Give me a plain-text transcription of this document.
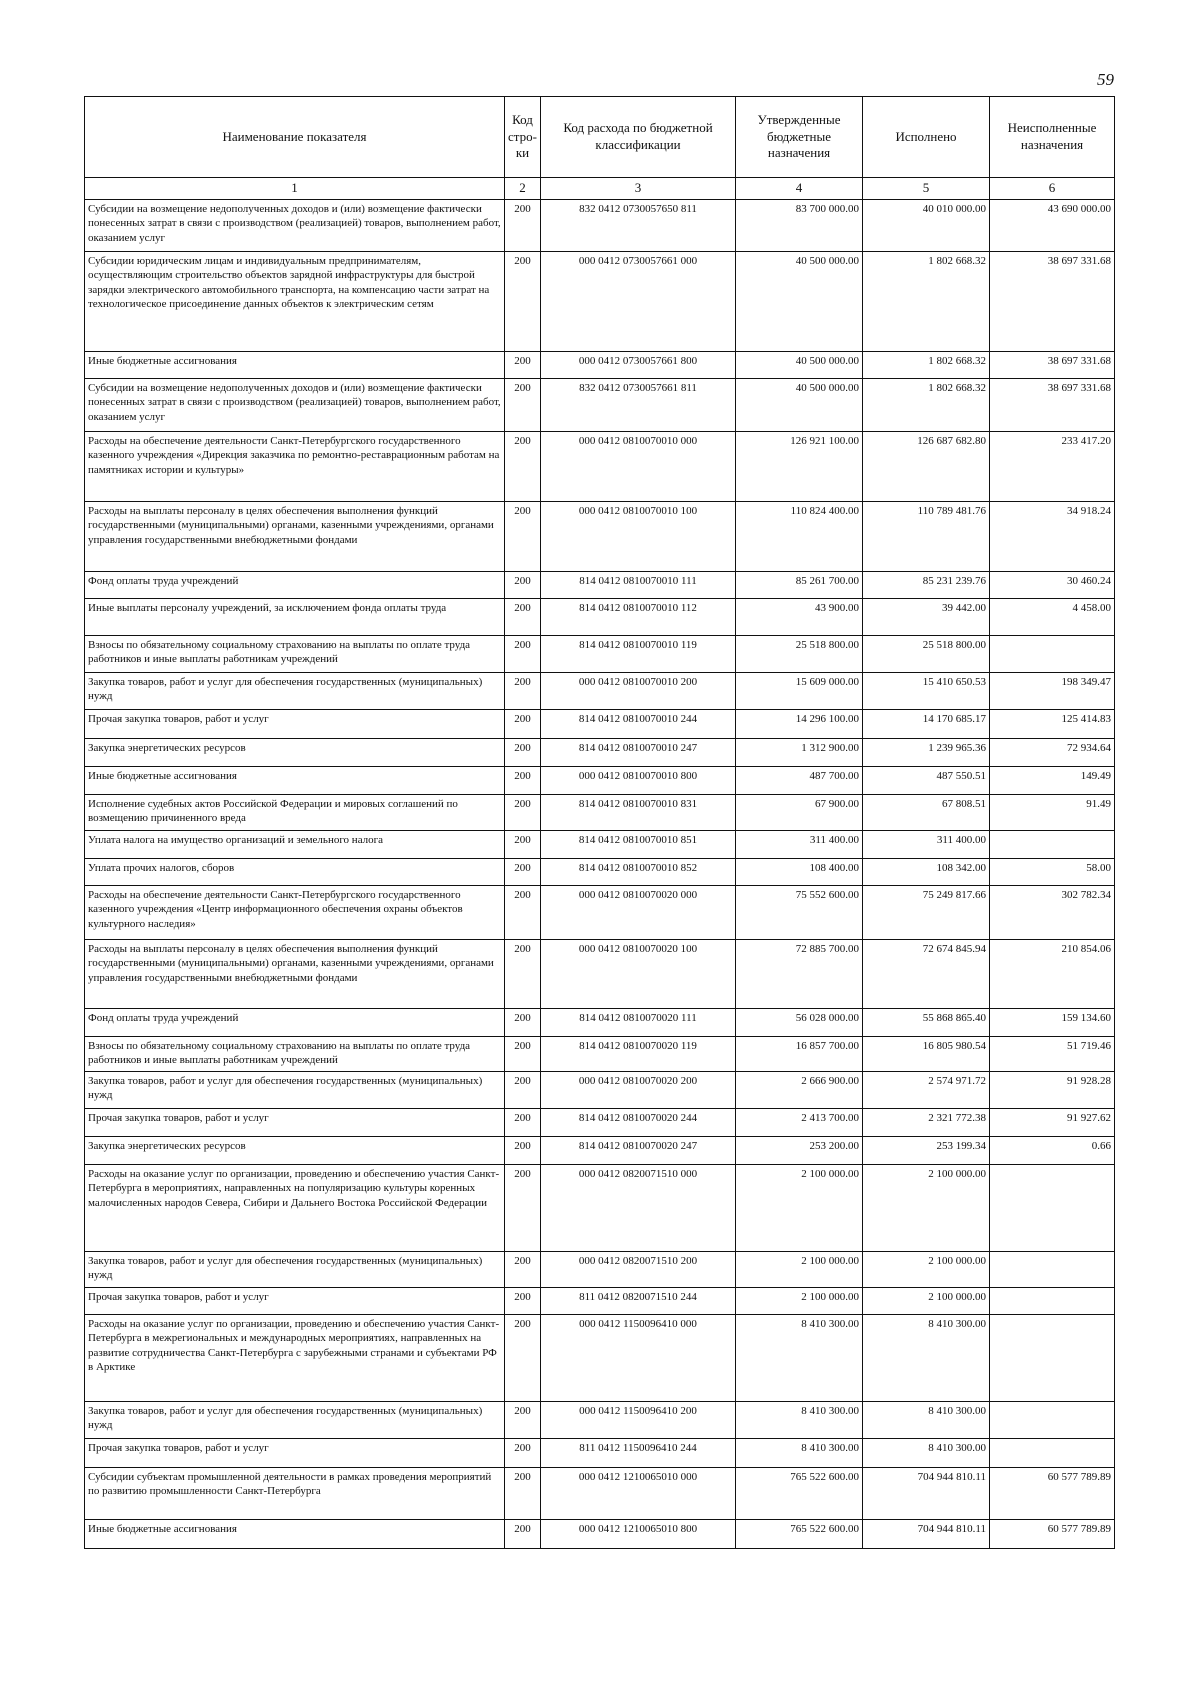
59
Наименование показателя	Код стро-ки	Код расхода по бюджетной классификации	Утвержденные бюджетные назначения	Исполнено	Неисполненные назначения
1	2	3	4	5	6
Субсидии на возмещение недополученных доходов и (или) возмещение фактически понесенных затрат в связи с производством (реализацией) товаров, выполнением работ, оказанием услуг	200	832 0412 0730057650 811	83 700 000.00	40 010 000.00	43 690 000.00
Субсидии юридическим лицам и индивидуальным предпринимателям, осуществляющим строительство объектов зарядной инфраструктуры для быстрой зарядки электрического автомобильного транспорта, на компенсацию части затрат на технологическое присоединение данных объектов к электрическим сетям	200	000 0412 0730057661 000	40 500 000.00	1 802 668.32	38 697 331.68
Иные бюджетные ассигнования	200	000 0412 0730057661 800	40 500 000.00	1 802 668.32	38 697 331.68
Субсидии на возмещение недополученных доходов и (или) возмещение фактически понесенных затрат в связи с производством (реализацией) товаров, выполнением работ, оказанием услуг	200	832 0412 0730057661 811	40 500 000.00	1 802 668.32	38 697 331.68
Расходы на обеспечение деятельности Санкт-Петербургского государственного казенного учреждения «Дирекция заказчика по ремонтно-реставрационным работам на памятниках истории и культуры»	200	000 0412 0810070010 000	126 921 100.00	126 687 682.80	233 417.20
Расходы на выплаты персоналу в целях обеспечения выполнения функций государственными (муниципальными) органами, казенными учреждениями, органами управления государственными внебюджетными фондами	200	000 0412 0810070010 100	110 824 400.00	110 789 481.76	34 918.24
Фонд оплаты труда учреждений	200	814 0412 0810070010 111	85 261 700.00	85 231 239.76	30 460.24
Иные выплаты персоналу учреждений, за исключением фонда оплаты труда	200	814 0412 0810070010 112	43 900.00	39 442.00	4 458.00
Взносы по обязательному социальному страхованию на выплаты по оплате труда работников и иные выплаты работникам учреждений	200	814 0412 0810070010 119	25 518 800.00	25 518 800.00	
Закупка товаров, работ и услуг для обеспечения государственных (муниципальных) нужд	200	000 0412 0810070010 200	15 609 000.00	15 410 650.53	198 349.47
Прочая закупка товаров, работ и услуг	200	814 0412 0810070010 244	14 296 100.00	14 170 685.17	125 414.83
Закупка энергетических ресурсов	200	814 0412 0810070010 247	1 312 900.00	1 239 965.36	72 934.64
Иные бюджетные ассигнования	200	000 0412 0810070010 800	487 700.00	487 550.51	149.49
Исполнение судебных актов Российской Федерации и мировых соглашений по возмещению причиненного вреда	200	814 0412 0810070010 831	67 900.00	67 808.51	91.49
Уплата налога на имущество организаций и земельного налога	200	814 0412 0810070010 851	311 400.00	311 400.00	
Уплата прочих налогов, сборов	200	814 0412 0810070010 852	108 400.00	108 342.00	58.00
Расходы на обеспечение деятельности Санкт-Петербургского государственного казенного учреждения «Центр информационного обеспечения охраны объектов культурного наследия»	200	000 0412 0810070020 000	75 552 600.00	75 249 817.66	302 782.34
Расходы на выплаты персоналу в целях обеспечения выполнения функций государственными (муниципальными) органами, казенными учреждениями, органами управления государственными внебюджетными фондами	200	000 0412 0810070020 100	72 885 700.00	72 674 845.94	210 854.06
Фонд оплаты труда учреждений	200	814 0412 0810070020 111	56 028 000.00	55 868 865.40	159 134.60
Взносы по обязательному социальному страхованию на выплаты по оплате труда работников и иные выплаты работникам учреждений	200	814 0412 0810070020 119	16 857 700.00	16 805 980.54	51 719.46
Закупка товаров, работ и услуг для обеспечения государственных (муниципальных) нужд	200	000 0412 0810070020 200	2 666 900.00	2 574 971.72	91 928.28
Прочая закупка товаров, работ и услуг	200	814 0412 0810070020 244	2 413 700.00	2 321 772.38	91 927.62
Закупка энергетических ресурсов	200	814 0412 0810070020 247	253 200.00	253 199.34	0.66
Расходы на оказание услуг по организации, проведению и обеспечению участия Санкт-Петербурга в мероприятиях, направленных на популяризацию культуры коренных малочисленных народов Севера, Сибири и Дальнего Востока Российской Федерации	200	000 0412 0820071510 000	2 100 000.00	2 100 000.00	
Закупка товаров, работ и услуг для обеспечения государственных (муниципальных) нужд	200	000 0412 0820071510 200	2 100 000.00	2 100 000.00	
Прочая закупка товаров, работ и услуг	200	811 0412 0820071510 244	2 100 000.00	2 100 000.00	
Расходы на оказание услуг по организации, проведению и обеспечению участия Санкт-Петербурга в межрегиональных и международных мероприятиях, направленных на развитие сотрудничества Санкт-Петербурга с зарубежными странами и субъектами РФ в Арктике	200	000 0412 1150096410 000	8 410 300.00	8 410 300.00	
Закупка товаров, работ и услуг для обеспечения государственных (муниципальных) нужд	200	000 0412 1150096410 200	8 410 300.00	8 410 300.00	
Прочая закупка товаров, работ и услуг	200	811 0412 1150096410 244	8 410 300.00	8 410 300.00	
Субсидии субъектам промышленной деятельности в рамках проведения мероприятий по развитию промышленности Санкт-Петербурга	200	000 0412 1210065010 000	765 522 600.00	704 944 810.11	60 577 789.89
Иные бюджетные ассигнования	200	000 0412 1210065010 800	765 522 600.00	704 944 810.11	60 577 789.89
